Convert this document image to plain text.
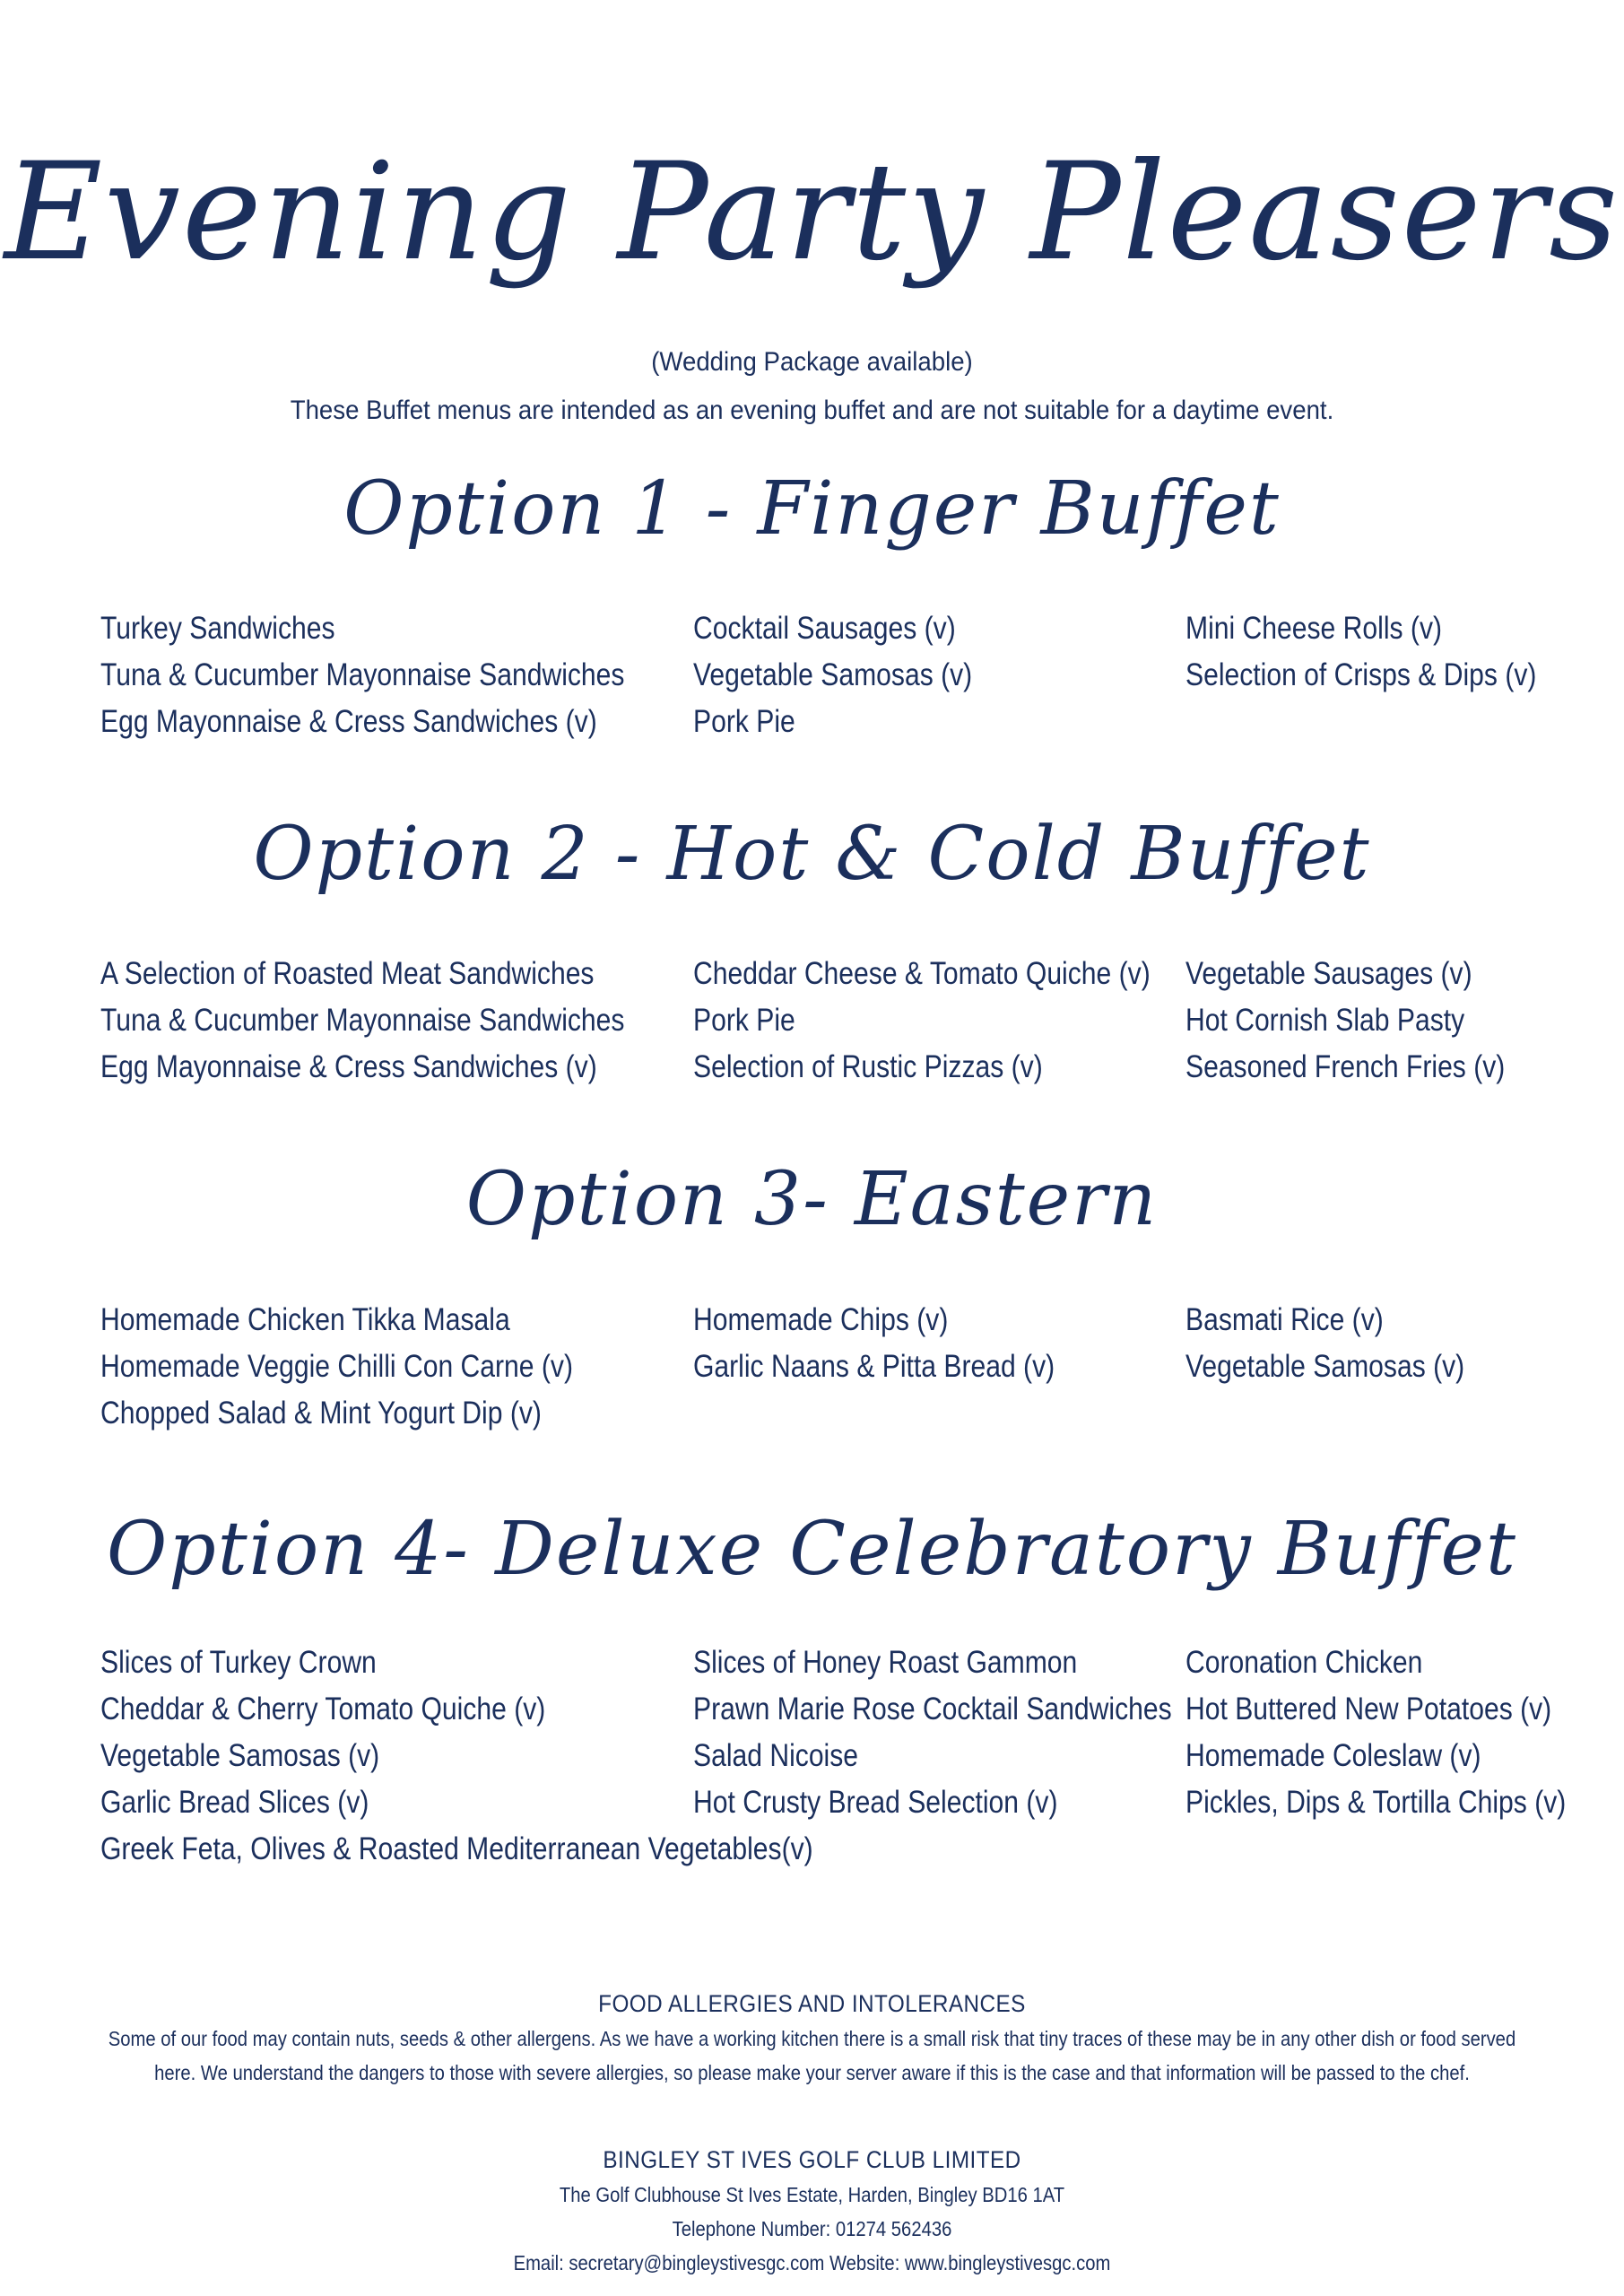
Evening Party Pleasers
(Wedding Package available)
These Buffet menus are intended as an evening buffet and are not suitable for a daytime event.
Option 1 - Finger Buffet
Turkey Sandwiches
Tuna & Cucumber Mayonnaise Sandwiches
Egg Mayonnaise & Cress Sandwiches (v)
Cocktail Sausages (v)
Vegetable Samosas (v)
Pork Pie
Mini Cheese Rolls (v)
Selection of Crisps & Dips (v)
Option 2 - Hot & Cold Buffet
A Selection of Roasted Meat Sandwiches
Tuna & Cucumber Mayonnaise Sandwiches
Egg Mayonnaise & Cress Sandwiches (v)
Cheddar Cheese & Tomato Quiche (v)
Pork Pie
Selection of Rustic Pizzas (v)
Vegetable Sausages (v)
Hot Cornish Slab Pasty
Seasoned French Fries (v)
Option 3- Eastern
Homemade Chicken Tikka Masala
Homemade Veggie Chilli Con Carne (v)
Chopped Salad & Mint Yogurt Dip (v)
Homemade Chips (v)
Garlic Naans & Pitta Bread (v)
Basmati Rice (v)
Vegetable Samosas (v)
Option 4- Deluxe Celebratory Buffet
Slices of Turkey Crown
Cheddar & Cherry Tomato Quiche (v)
Vegetable Samosas (v)
Garlic Bread Slices (v)
Slices of Honey Roast Gammon
Prawn Marie Rose Cocktail Sandwiches
Salad Nicoise
Hot Crusty Bread Selection (v)
Coronation Chicken
Hot Buttered New Potatoes (v)
Homemade Coleslaw (v)
Pickles, Dips & Tortilla Chips (v)
Greek Feta, Olives & Roasted Mediterranean Vegetables(v)
FOOD ALLERGIES AND INTOLERANCES
Some of our food may contain nuts, seeds & other allergens. As we have a working kitchen there is a small risk that tiny traces of these may be in any other dish or food served
here. We understand the dangers to those with severe allergies, so please make your server aware if this is the case and that information will be passed to the chef.
BINGLEY ST IVES GOLF CLUB LIMITED
The Golf Clubhouse St Ives Estate, Harden, Bingley BD16 1AT
Telephone Number: 01274 562436
Email: secretary@bingleystivesgc.com Website: www.bingleystivesgc.com
